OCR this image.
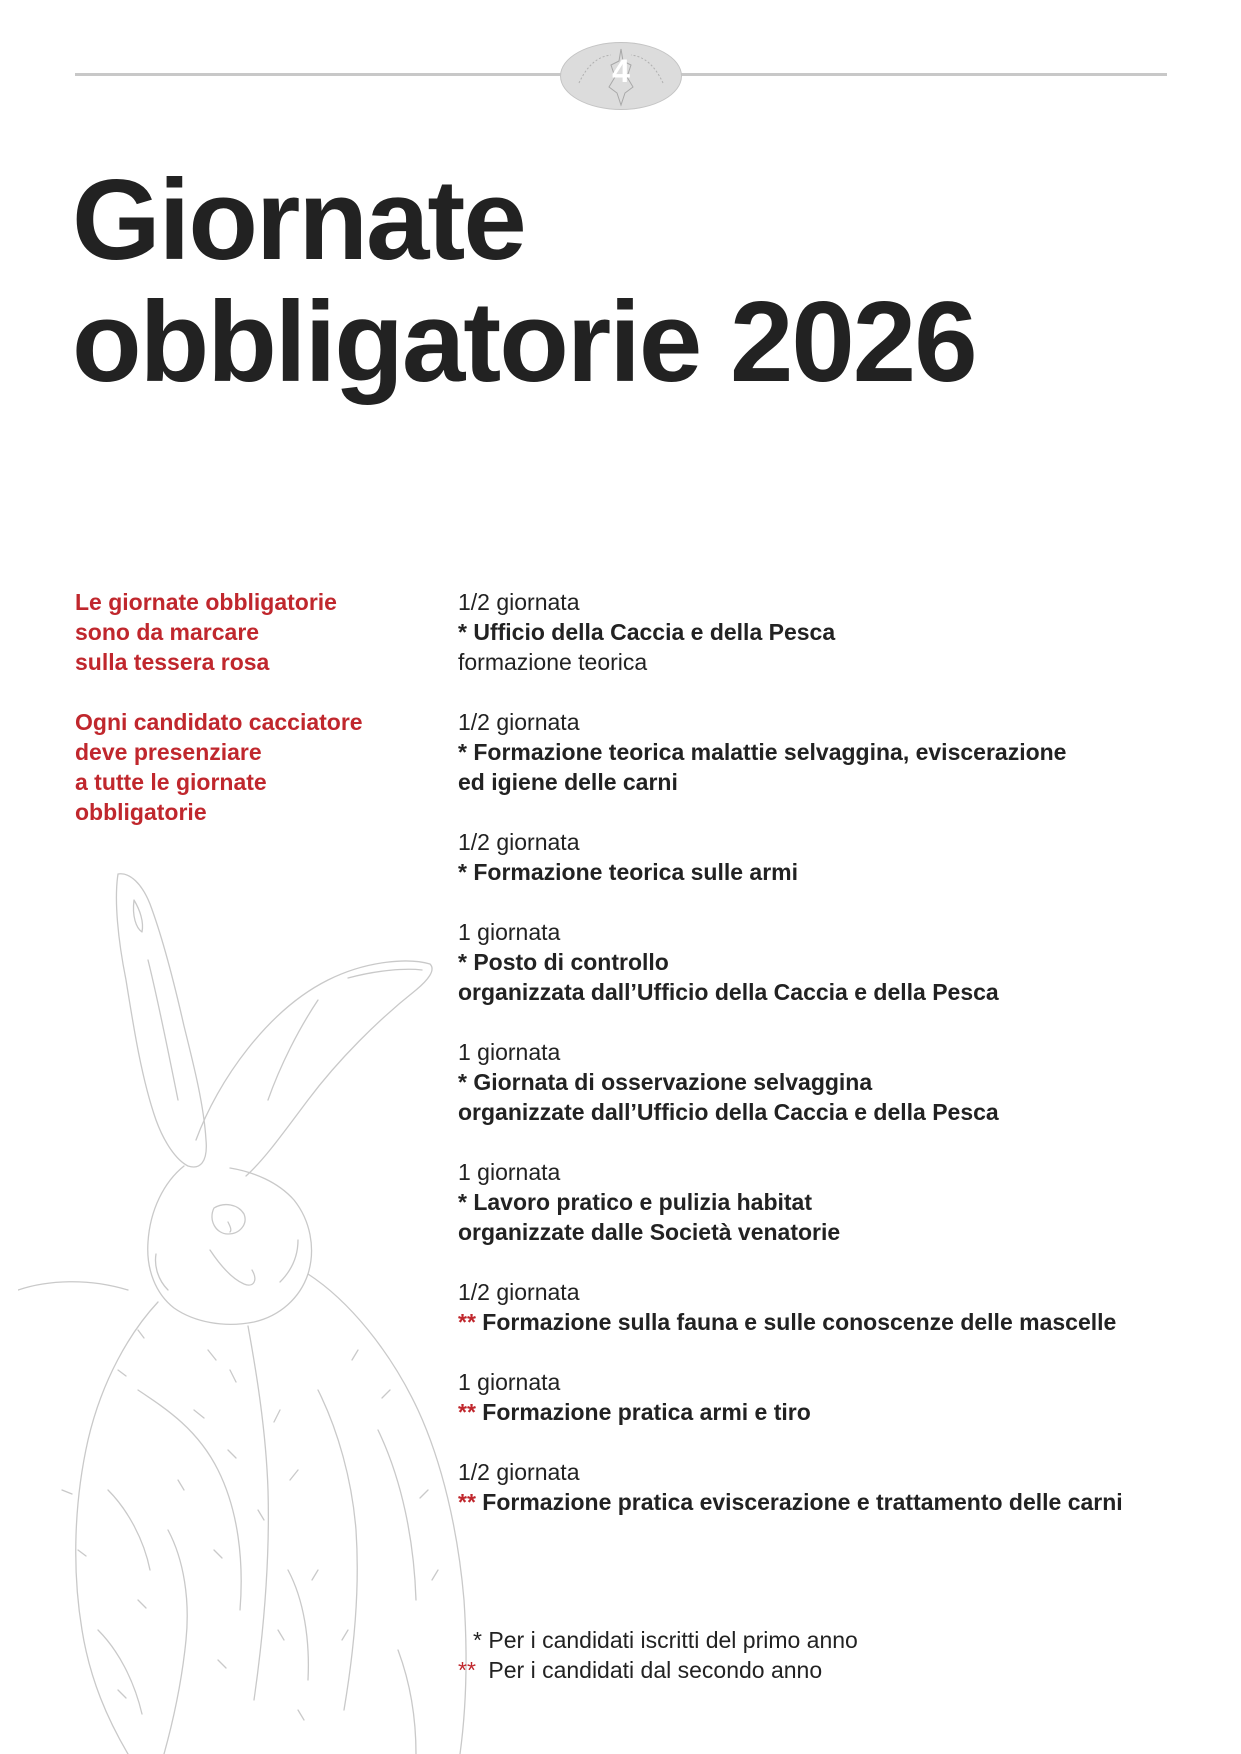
4
Giornate
obbligatorie 2026

Le giornate obbligatorie
sono da marcare
sulla tessera rosa

Ogni candidato cacciatore
deve presenziare
a tutte le giornate
obbligatorie

1/2 giornata
* Ufficio della Caccia e della Pesca
formazione teorica
1/2 giornata
* Formazione teorica malattie selvaggina, eviscerazione
ed igiene delle carni
1/2 giornata
* Formazione teorica sulle armi
1 giornata
* Posto di controllo
organizzata dall’Ufficio della Caccia e della Pesca
1 giornata
* Giornata di osservazione selvaggina
organizzate dall’Ufficio della Caccia e della Pesca
1 giornata
* Lavoro pratico e pulizia habitat
organizzate dalle Società venatorie
1/2 giornata
** Formazione sulla fauna e sulle conoscenze delle mascelle
1 giornata
** Formazione pratica armi e tiro
1/2 giornata
** Formazione pratica eviscerazione e trattamento delle carni
* Per i candidati iscritti del primo anno
** Per i candidati dal secondo anno
